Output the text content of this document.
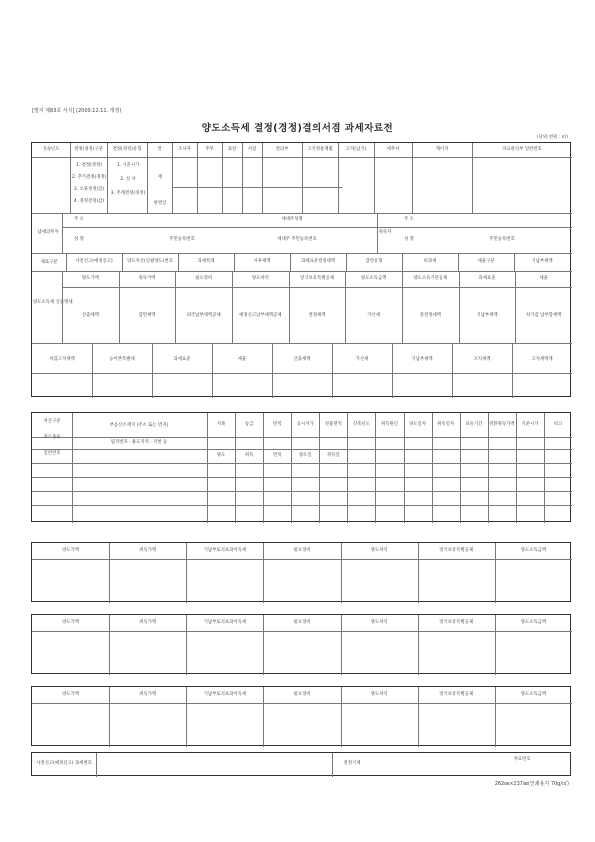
[별지 제83호 서식] (2000.12.11. 개정)
양도소득세 결정(경정)결의서겸 과세자료전
(단위:천원 : ㎡)
귀속년도	결정(경정)구분	결정(경정)유형	결	조사자	주무	과장	서장	결의부	고지정통계월	고지(납기)	세무서	계이지	자료관리부 일련번호
1. 결정(경정)
2. 추가결정(경정)
3. 오류정정(감)
4. 경정결정(감)
1. 기준시가
2. 실 사
3. 추계결정(경정)
재
판결일
납세의무자
주 소	세대주성명
성 명	주민등록번호	세대주 주민등록번호
취득자
주 소
성 명	주민등록번호
제로구분	사전신고(예정신고)	양도자산(일괄양도)번호	과세특례	사후세액	과세표준결정세액	감면유형	비과세	세율구분	기납부세액
양도소득세 산출명세
양도가액	취득가액	필요경비	양도차익	장기보유특별공제	양도소득금액	양도소득기본공제	과세표준	세율
산출세액	감면세액	외국납부세액공제	예정신고납부세액공제	결정세액	가산세	총결정세액	기납부세액	차가감 납부할세액
차감고지세액	농어촌특별세	과세표준	세율	산출세액	가산세	기납부세액	고지세액	고지세액계
자산구분
자료종류
일련번호
부동산소재지 (주소 또는 번지)
필지번호 · 용도지역 · 지번 등
지목	등급	면적	공시지가	전용면적	신축년도	취득원인	양도일자	취득일자	보유기간	전환취득가액	기준시가	비고
양도	취득	면적	양도일	취득일
양도가액	취득가액	기납부토지초과이득세	필요경비	양도차익	장기보유특별공제	양도소득금액
양도가액	취득가액	기납부토지초과이득세	필요경비	양도차익	장기보유특별공제	양도소득금액
양도가액	취득가액	기납부토지초과이득세	필요경비	양도차익	장기보유특별공제	양도소득금액
사전신고(예정신고) 과세번호	결정기재
자료번호
262㎜×237㎜(인쇄용지 70g/㎡)
